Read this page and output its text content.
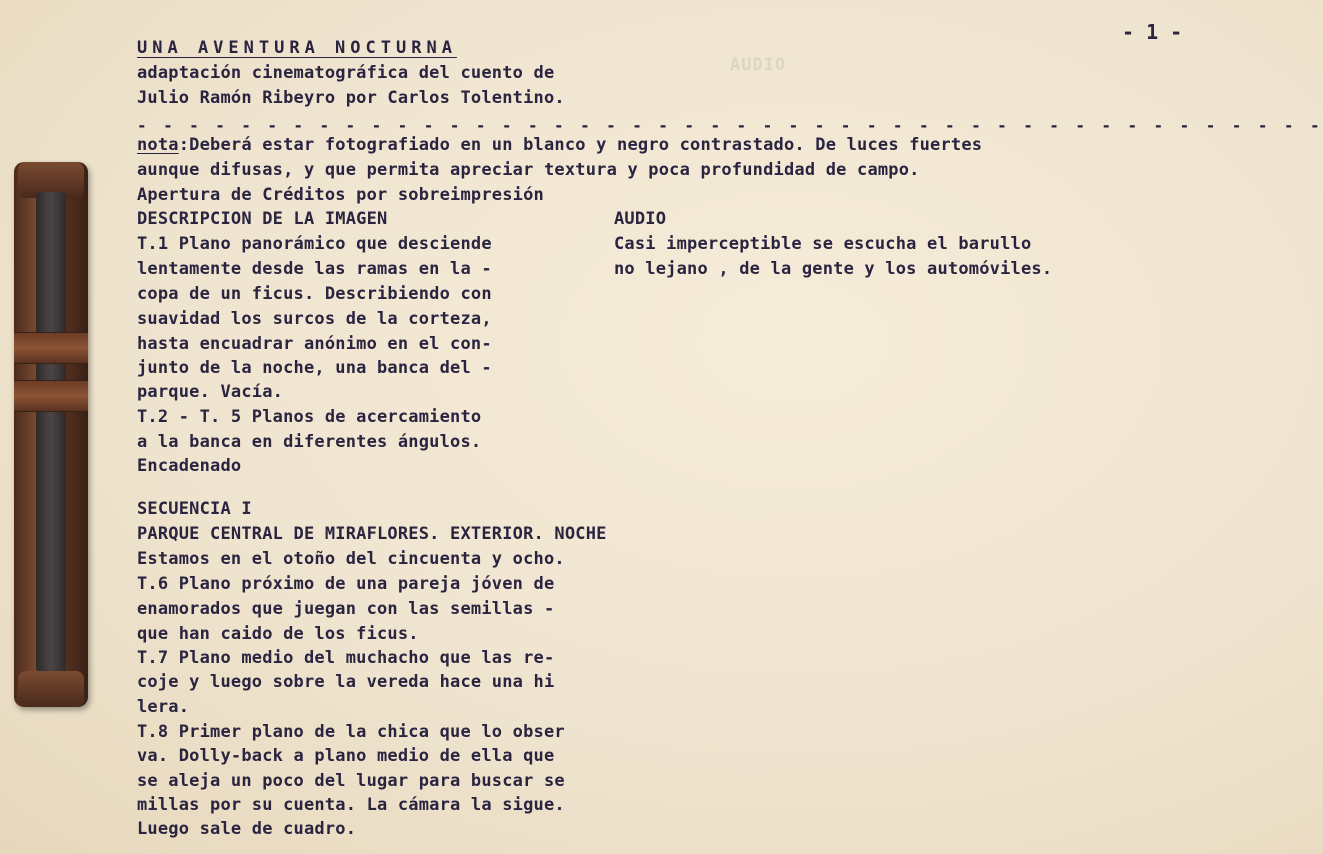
AUDIO
- 1 -
UNA AVENTURA NOCTURNA
adaptación cinematográfica del cuento de
Julio Ramón Ribeyro por Carlos Tolentino.
- - - - - - - - - - - - - - - - - - - - - - - - - - - - - - - - - - - - - - - - - - - - - -
nota:Deberá estar fotografiado en un blanco y negro contrastado. De luces fuertes
aunque difusas, y que permita apreciar textura y poca profundidad de campo.
Apertura de Créditos por sobreimpresión
DESCRIPCION DE LA IMAGEN	AUDIO
T.1 Plano panorámico que desciende
lentamente desde las ramas en la -
copa de un ficus. Describiendo con
suavidad los surcos de la corteza,
hasta encuadrar anónimo en el con-
junto de la noche, una banca del -
parque. Vacía.
T.2 - T. 5 Planos de acercamiento
a la banca en diferentes ángulos.
Encadenado
Casi imperceptible se escucha el barullo
no lejano , de la gente y los automóviles.
SECUENCIA I
PARQUE CENTRAL DE MIRAFLORES. EXTERIOR. NOCHE
Estamos en el otoño del cincuenta y ocho.
T.6 Plano próximo de una pareja jóven de
enamorados que juegan con las semillas -
que han caido de los ficus.
T.7 Plano medio del muchacho que las re-
coje y luego sobre la vereda hace una hi
lera.
T.8 Primer plano de la chica que lo obser
va. Dolly-back a plano medio de ella que
se aleja un poco del lugar para buscar se
millas por su cuenta. La cámara la sigue.
Luego sale de cuadro.
